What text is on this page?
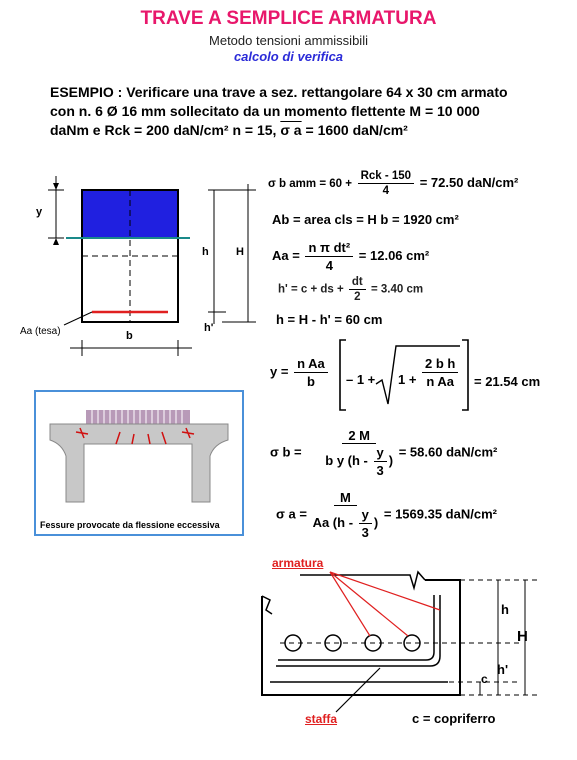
TRAVE A SEMPLICE ARMATURA
Metodo tensioni ammissibili
calcolo di verifica
ESEMPIO : Verificare una trave a sez. rettangolare 64 x 30 cm armato
con n. 6 Ø 16 mm sollecitato da un momento flettente M = 10 000
daNm e Rck = 200 daN/cm² n = 15, σ a = 1600 daN/cm²
y
h H
h'
b
Aa (tesa)
σ b amm = $60 + \frac{\text{Rck - 150}}{4} = 72.50$ daN/cm²
Ab = area cls = H b = 1920 cm²
$Aa = \frac{\text{n π dt²}}{4} = 12.06$ cm²
h' = c + ds + $\frac{dt}{2} = 3.40$ cm
h = H - h' = 60 cm
$y = \frac{\text{n Aa}}{b} - 1 + 1 + \frac{\text{2 b h}}{\text{n Aa}} = 21.54$ cm
σ $b = \frac{2 M}{b y (h - \frac{y}{3} )} = 58.60$ daN/cm²
σ $a = \frac{M}{Aa (h - \frac{y}{3} )} = 1569.35$ daN/cm²
Fessure provocate da flessione eccessiva
armatura
staffa
h
H
h'
c
c = copriferro
